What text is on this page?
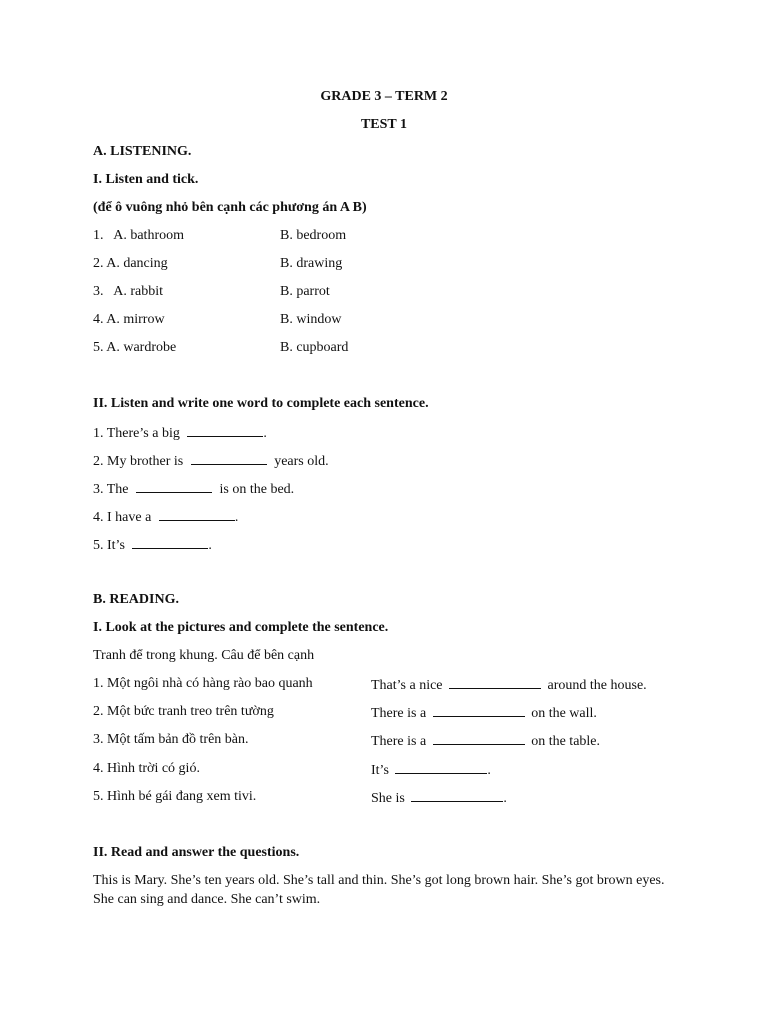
GRADE 3 – TERM 2
TEST 1
A. LISTENING.
I. Listen and tick.
(để ô vuông nhỏ bên cạnh các phương án A B)
1.   A. bathroom	B. bedroom
2. A. dancing	B. drawing
3.   A. rabbit	B. parrot
4. A. mirrow	B. window
5. A. wardrobe	B. cupboard
II. Listen and write one word to complete each sentence.
1. There’s a big	.
2. My brother is	years old.
3. The	is on the bed.
4. I have a	.
5. It’s	.
B. READING.
I. Look at the pictures and complete the sentence.
Tranh để trong khung. Câu để bên cạnh
1. Một ngôi nhà có hàng rào bao quanh	That’s a nice	around the house.
2. Một bức tranh treo trên tường	There is a	on the wall.
3. Một tấm bản đồ trên bàn.	There is a	on the table.
4. Hình trời có gió.	It’s	.
5. Hình bé gái đang xem tivi.	She is	.
II. Read and answer the questions.
This is Mary. She’s ten years old. She’s tall and thin. She’s got long brown hair. She’s got brown eyes. She can sing and dance. She can’t swim.
